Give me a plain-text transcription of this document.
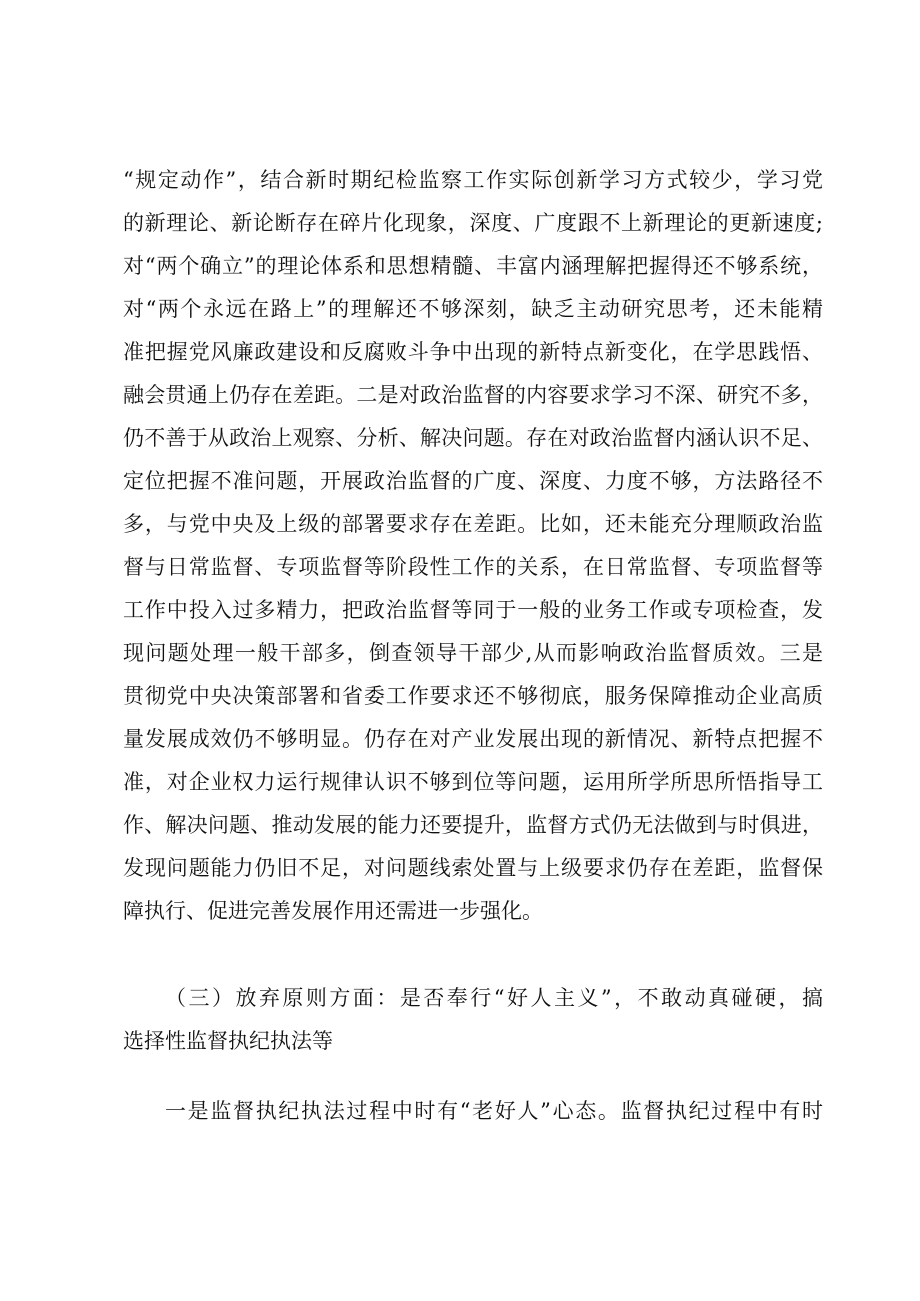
“规定动作”，结合新时期纪检监察工作实际创新学习方式较少，学习党
的新理论、新论断存在碎片化现象，深度、广度跟不上新理论的更新速度;
对“两个确立”的理论体系和思想精髓、丰富内涵理解把握得还不够系统，
对“两个永远在路上”的理解还不够深刻，缺乏主动研究思考，还未能精
准把握党风廉政建设和反腐败斗争中出现的新特点新变化，在学思践悟、
融会贯通上仍存在差距。二是对政治监督的内容要求学习不深、研究不多，
仍不善于从政治上观察、分析、解决问题。存在对政治监督内涵认识不足、
定位把握不准问题，开展政治监督的广度、深度、力度不够，方法路径不
多，与党中央及上级的部署要求存在差距。比如，还未能充分理顺政治监
督与日常监督、专项监督等阶段性工作的关系，在日常监督、专项监督等
工作中投入过多精力，把政治监督等同于一般的业务工作或专项检查，发
现问题处理一般干部多，倒查领导干部少,从而影响政治监督质效。三是
贯彻党中央决策部署和省委工作要求还不够彻底，服务保障推动企业高质
量发展成效仍不够明显。仍存在对产业发展出现的新情况、新特点把握不
准，对企业权力运行规律认识不够到位等问题，运用所学所思所悟指导工
作、解决问题、推动发展的能力还要提升，监督方式仍无法做到与时俱进，
发现问题能力仍旧不足，对问题线索处置与上级要求仍存在差距，监督保
障执行、促进完善发展作用还需进一步强化。
（三）放弃原则方面：是否奉行“好人主义”，不敢动真碰硬，搞
选择性监督执纪执法等
一是监督执纪执法过程中时有“老好人”心态。监督执纪过程中有时
